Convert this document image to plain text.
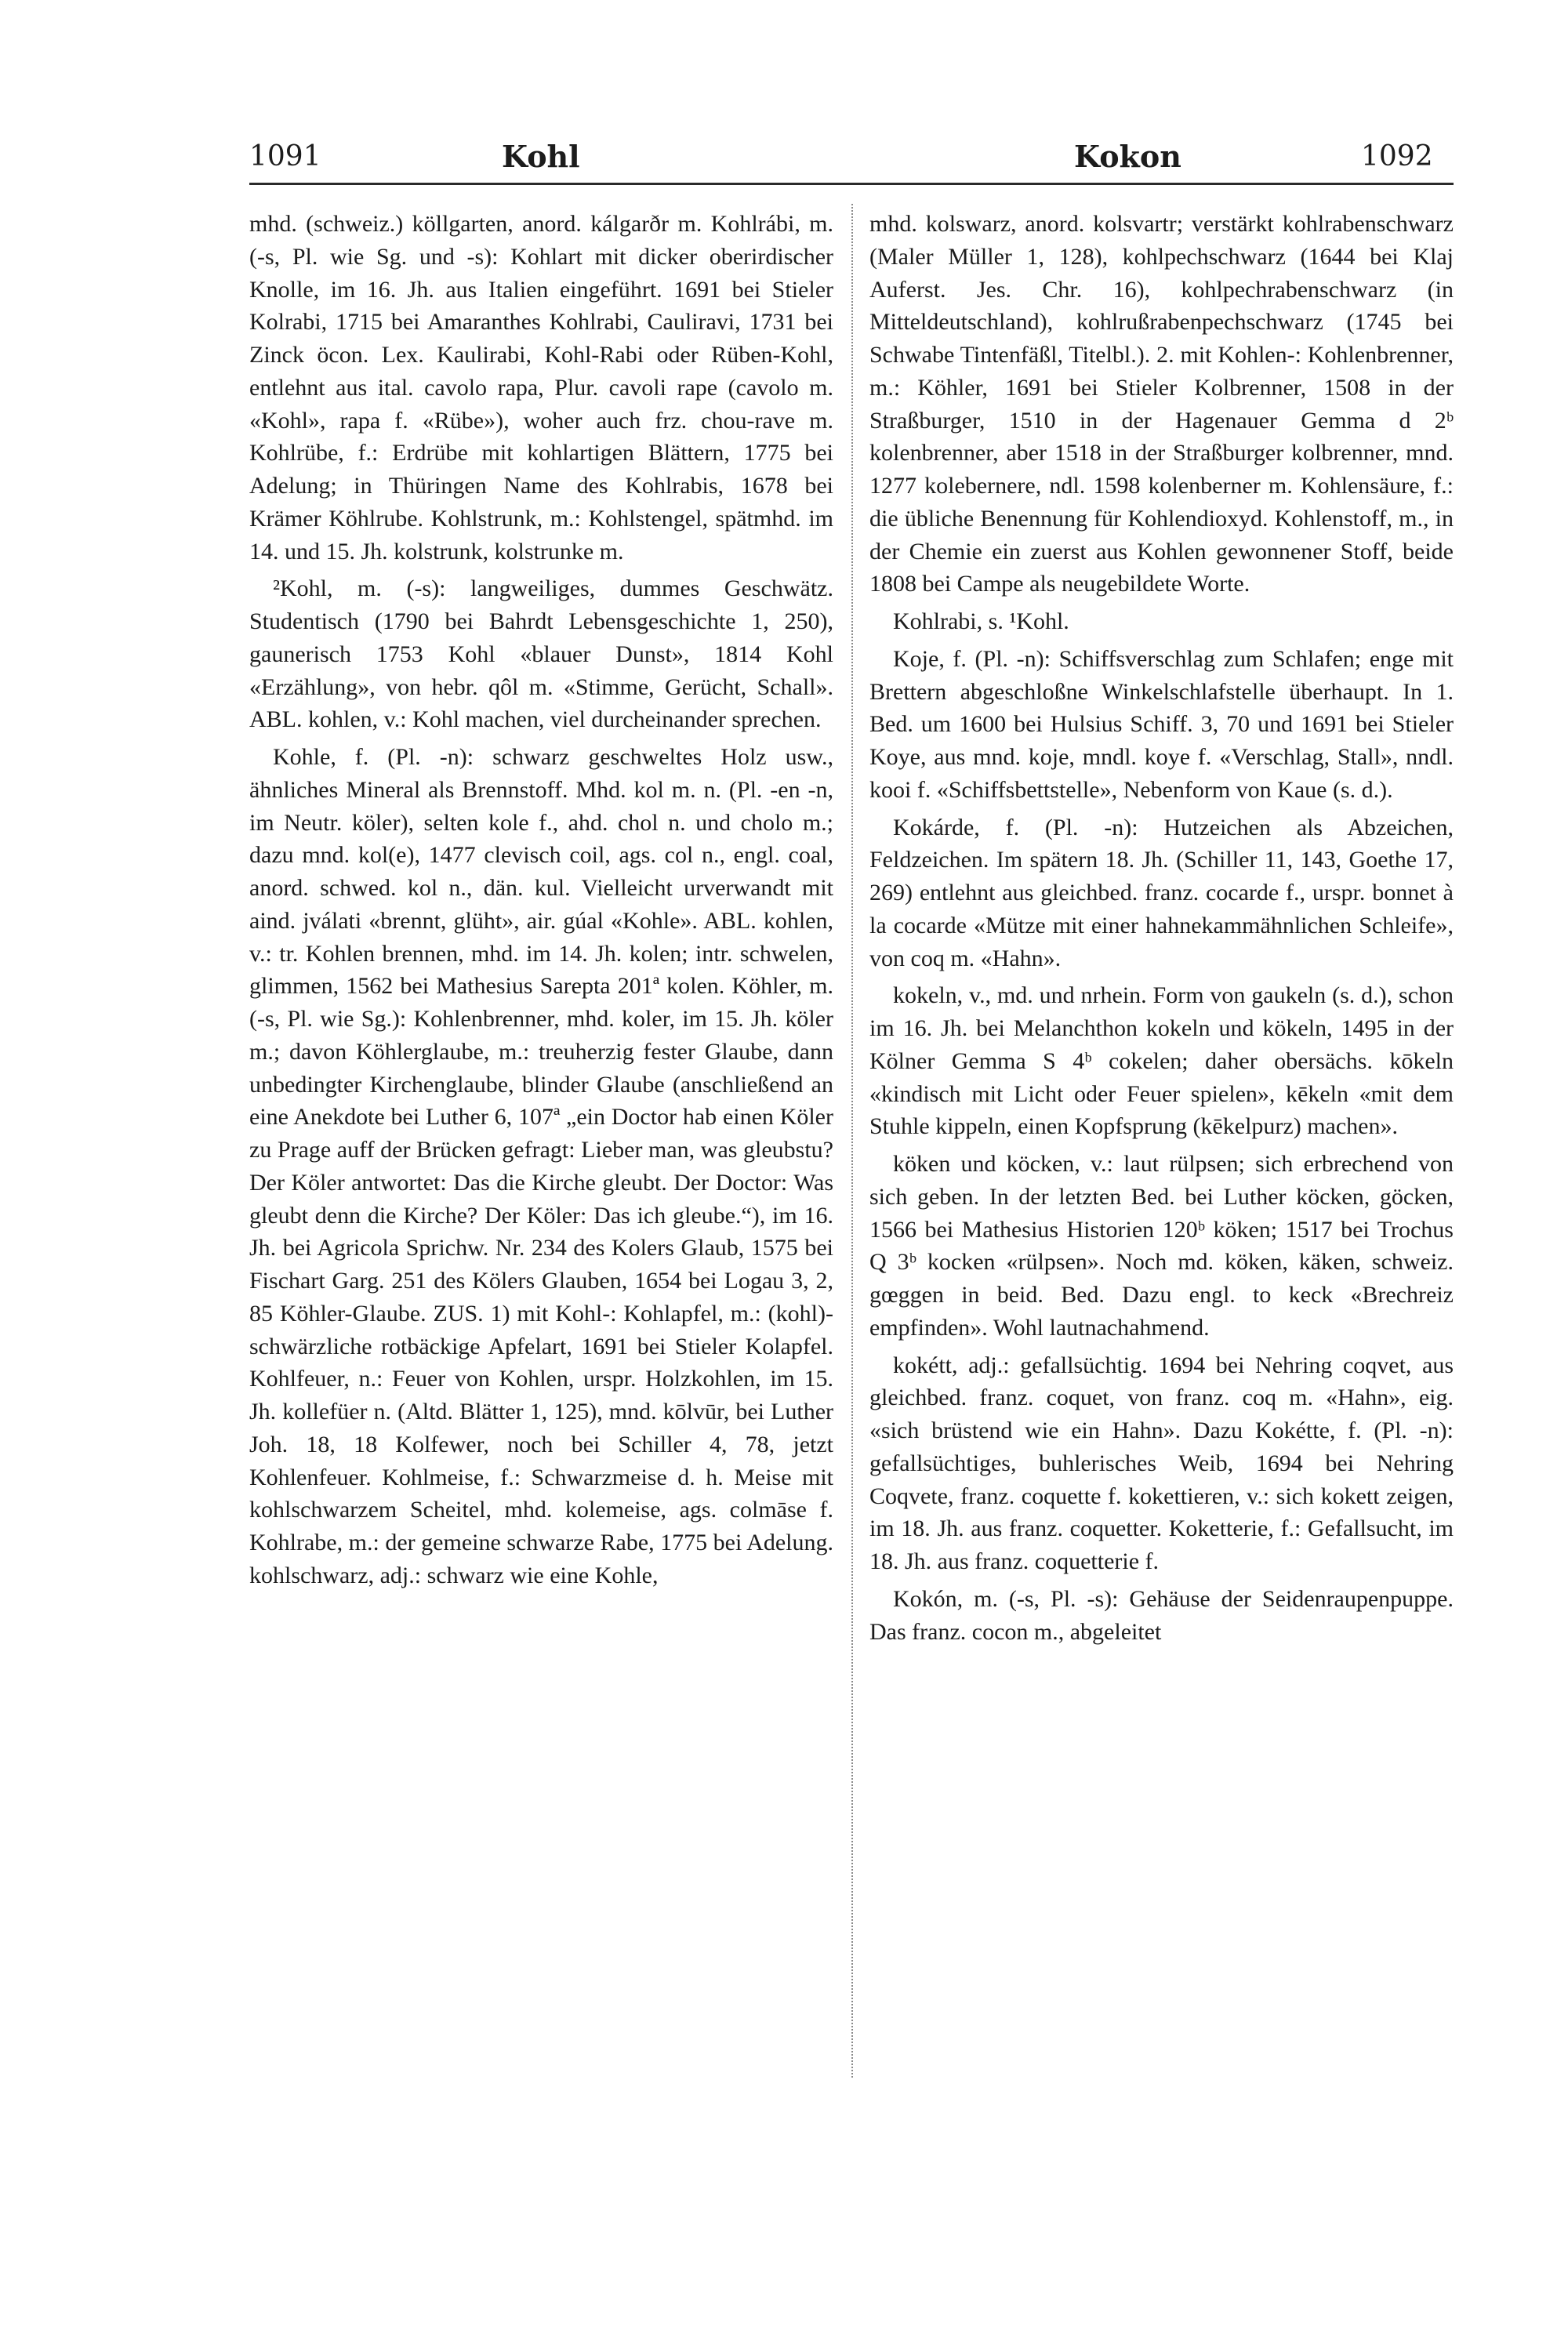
1091	Kohl	Kokon	1092

mhd. (schweiz.) köllgarten, anord. kálgarðr m. Kohlrábi, m. (-s, Pl. wie Sg. und -s): Kohlart mit dicker oberirdischer Knolle, im 16. Jh. aus Italien eingeführt. 1691 bei Stieler Kolrabi, 1715 bei Amaranthes Kohlrabi, Cauliravi, 1731 bei Zinck öcon. Lex. Kaulirabi, Kohl-Rabi oder Rüben-Kohl, entlehnt aus ital. cavolo rapa, Plur. cavoli rape (cavolo m. «Kohl», rapa f. «Rübe»), woher auch frz. chou-rave m. Kohlrübe, f.: Erdrübe mit kohlartigen Blättern, 1775 bei Adelung; in Thüringen Name des Kohlrabis, 1678 bei Krämer Köhlrube. Kohlstrunk, m.: Kohlstengel, spätmhd. im 14. und 15. Jh. kolstrunk, kolstrunke m.

²Kohl, m. (-s): langweiliges, dummes Geschwätz. Studentisch (1790 bei Bahrdt Lebensgeschichte 1, 250), gaunerisch 1753 Kohl «blauer Dunst», 1814 Kohl «Erzählung», von hebr. qôl m. «Stimme, Gerücht, Schall». ABL. kohlen, v.: Kohl machen, viel durcheinander sprechen.

Kohle, f. (Pl. -n): schwarz geschweltes Holz usw., ähnliches Mineral als Brennstoff. Mhd. kol m. n. (Pl. -en -n, im Neutr. köler), selten kole f., ahd. chol n. und cholo m.; dazu mnd. kol(e), 1477 clevisch coil, ags. col n., engl. coal, anord. schwed. kol n., dän. kul. Vielleicht urverwandt mit aind. jválati «brennt, glüht», air. gúal «Kohle». ABL. kohlen, v.: tr. Kohlen brennen, mhd. im 14. Jh. kolen; intr. schwelen, glimmen, 1562 bei Mathesius Sarepta 201ª kolen. Köhler, m. (-s, Pl. wie Sg.): Kohlenbrenner, mhd. koler, im 15. Jh. köler m.; davon Köhlerglaube, m.: treuherzig fester Glaube, dann unbedingter Kirchenglaube, blinder Glaube (anschließend an eine Anekdote bei Luther 6, 107ª „ein Doctor hab einen Köler zu Prage auff der Brücken gefragt: Lieber man, was gleubstu? Der Köler antwortet: Das die Kirche gleubt. Der Doctor: Was gleubt denn die Kirche? Der Köler: Das ich gleube.“), im 16. Jh. bei Agricola Sprichw. Nr. 234 des Kolers Glaub, 1575 bei Fischart Garg. 251 des Kölers Glauben, 1654 bei Logau 3, 2, 85 Köhler-Glaube. ZUS. 1) mit Kohl-: Kohlapfel, m.: (kohl)-schwärzliche rotbäckige Apfelart, 1691 bei Stieler Kolapfel. Kohlfeuer, n.: Feuer von Kohlen, urspr. Holzkohlen, im 15. Jh. kollefüer n. (Altd. Blätter 1, 125), mnd. kōlvūr, bei Luther Joh. 18, 18 Kolfewer, noch bei Schiller 4, 78, jetzt Kohlenfeuer. Kohlmeise, f.: Schwarzmeise d. h. Meise mit kohlschwarzem Scheitel, mhd. kolemeise, ags. colmāse f. Kohlrabe, m.: der gemeine schwarze Rabe, 1775 bei Adelung. kohlschwarz, adj.: schwarz wie eine Kohle,

mhd. kolswarz, anord. kolsvartr; verstärkt kohlrabenschwarz (Maler Müller 1, 128), kohlpechschwarz (1644 bei Klaj Auferst. Jes. Chr. 16), kohlpechrabenschwarz (in Mitteldeutschland), kohlrußrabenpechschwarz (1745 bei Schwabe Tintenfäßl, Titelbl.). 2. mit Kohlen-: Kohlenbrenner, m.: Köhler, 1691 bei Stieler Kolbrenner, 1508 in der Straßburger, 1510 in der Hagenauer Gemma d 2ᵇ kolenbrenner, aber 1518 in der Straßburger kolbrenner, mnd. 1277 kolebernere, ndl. 1598 kolenberner m. Kohlensäure, f.: die übliche Benennung für Kohlendioxyd. Kohlenstoff, m., in der Chemie ein zuerst aus Kohlen gewonnener Stoff, beide 1808 bei Campe als neugebildete Worte.

Kohlrabi, s. ¹Kohl.

Koje, f. (Pl. -n): Schiffsverschlag zum Schlafen; enge mit Brettern abgeschloßne Winkelschlafstelle überhaupt. In 1. Bed. um 1600 bei Hulsius Schiff. 3, 70 und 1691 bei Stieler Koye, aus mnd. koje, mndl. koye f. «Verschlag, Stall», nndl. kooi f. «Schiffsbettstelle», Nebenform von Kaue (s. d.).

Kokárde, f. (Pl. -n): Hutzeichen als Abzeichen, Feldzeichen. Im spätern 18. Jh. (Schiller 11, 143, Goethe 17, 269) entlehnt aus gleichbed. franz. cocarde f., urspr. bonnet à la cocarde «Mütze mit einer hahnekammähnlichen Schleife», von coq m. «Hahn».

kokeln, v., md. und nrhein. Form von gaukeln (s. d.), schon im 16. Jh. bei Melanchthon kokeln und kökeln, 1495 in der Kölner Gemma S 4ᵇ cokelen; daher obersächs. kōkeln «kindisch mit Licht oder Feuer spielen», kēkeln «mit dem Stuhle kippeln, einen Kopfsprung (kēkelpurz) machen».

köken und köcken, v.: laut rülpsen; sich erbrechend von sich geben. In der letzten Bed. bei Luther köcken, göcken, 1566 bei Mathesius Historien 120ᵇ köken; 1517 bei Trochus Q 3ᵇ kocken «rülpsen». Noch md. köken, käken, schweiz. gœggen in beid. Bed. Dazu engl. to keck «Brechreiz empfinden». Wohl lautnachahmend.

kokétt, adj.: gefallsüchtig. 1694 bei Nehring coqvet, aus gleichbed. franz. coquet, von franz. coq m. «Hahn», eig. «sich brüstend wie ein Hahn». Dazu Kokétte, f. (Pl. -n): gefallsüchtiges, buhlerisches Weib, 1694 bei Nehring Coqvete, franz. coquette f. kokettieren, v.: sich kokett zeigen, im 18. Jh. aus franz. coquetter. Koketterie, f.: Gefallsucht, im 18. Jh. aus franz. coquetterie f.

Kokón, m. (-s, Pl. -s): Gehäuse der Seidenraupenpuppe. Das franz. cocon m., abgeleitet
